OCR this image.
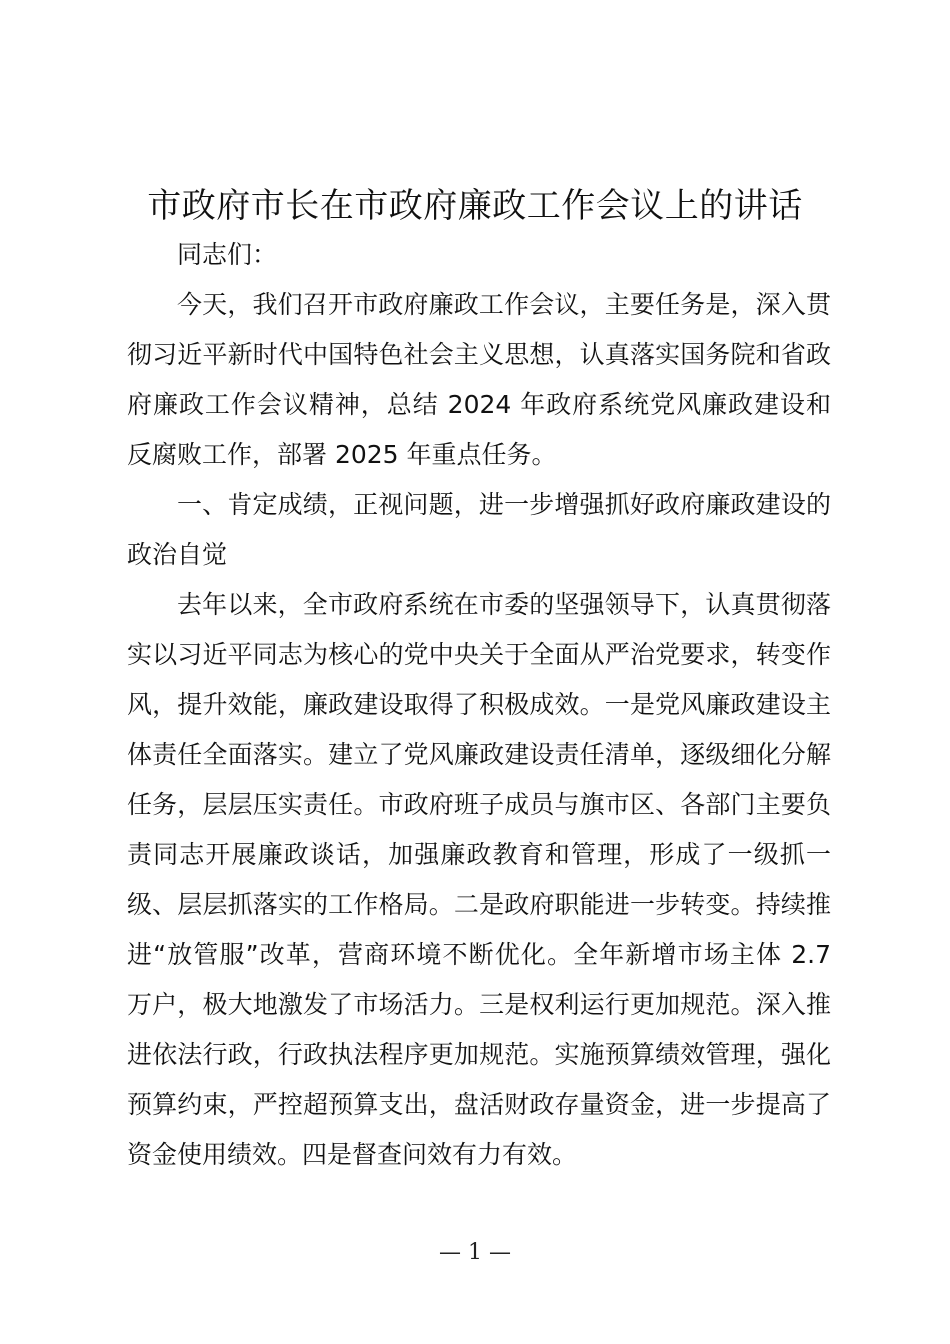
市政府市长在市政府廉政工作会议上的讲话

同志们：

今天，我们召开市政府廉政工作会议，主要任务是，深入贯彻习近平新时代中国特色社会主义思想，认真落实国务院和省政府廉政工作会议精神，总结 2024 年政府系统党风廉政建设和反腐败工作，部署 2025 年重点任务。

一、肯定成绩，正视问题，进一步增强抓好政府廉政建设的政治自觉

去年以来，全市政府系统在市委的坚强领导下，认真贯彻落实以习近平同志为核心的党中央关于全面从严治党要求，转变作风，提升效能，廉政建设取得了积极成效。一是党风廉政建设主体责任全面落实。建立了党风廉政建设责任清单，逐级细化分解任务，层层压实责任。市政府班子成员与旗市区、各部门主要负责同志开展廉政谈话，加强廉政教育和管理，形成了一级抓一级、层层抓落实的工作格局。二是政府职能进一步转变。持续推进“放管服”改革，营商环境不断优化。全年新增市场主体 2.7 万户，极大地激发了市场活力。三是权利运行更加规范。深入推进依法行政，行政执法程序更加规范。实施预算绩效管理，强化预算约束，严控超预算支出，盘活财政存量资金，进一步提高了资金使用绩效。四是督查问效有力有效。

— 1 —
